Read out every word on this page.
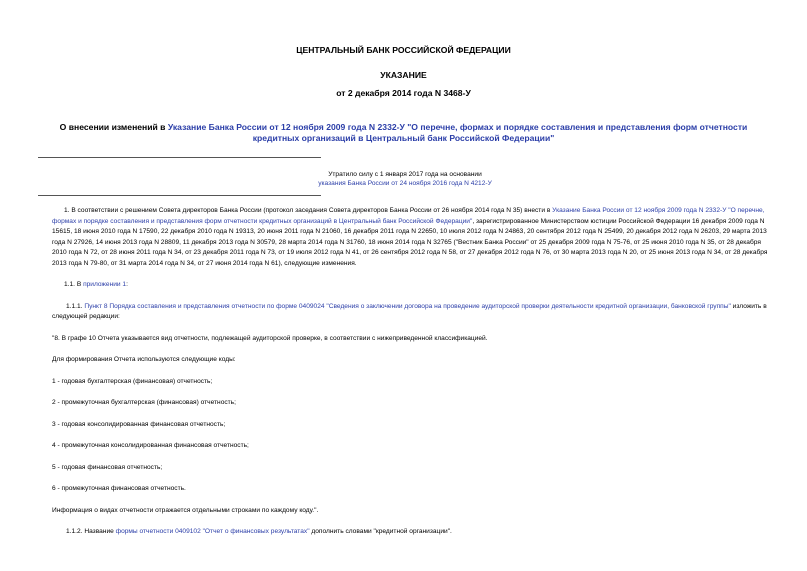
ЦЕНТРАЛЬНЫЙ БАНК РОССИЙСКОЙ ФЕДЕРАЦИИ
УКАЗАНИЕ
от 2 декабря 2014 года N 3468-У
О внесении изменений в Указание Банка России от 12 ноября 2009 года N 2332-У "О перечне, формах и порядке составления и представления форм отчетности кредитных организаций в Центральный банк Российской Федерации"
Утратило силу с 1 января 2017 года на основании
указания Банка России от 24 ноября 2016 года N 4212-У

1. В соответствии с решением Совета директоров Банка России (протокол заседания Совета директоров Банка России от 26 ноября 2014 года N 35) внести в Указание Банка России от 12 ноября 2009 года N 2332-У "О перечне, формах и порядке составления и представления форм отчетности кредитных организаций в Центральный банк Российской Федерации", зарегистрированное Министерством юстиции Российской Федерации 16 декабря 2009 года N 15615, 18 июня 2010 года N 17590, 22 декабря 2010 года N 19313, 20 июня 2011 года N 21060, 16 декабря 2011 года N 22650, 10 июля 2012 года N 24863, 20 сентября 2012 года N 25499, 20 декабря 2012 года N 26203, 29 марта 2013 года N 27926, 14 июня 2013 года N 28809, 11 декабря 2013 года N 30579, 28 марта 2014 года N 31760, 18 июня 2014 года N 32765 ("Вестник Банка России" от 25 декабря 2009 года N 75-76, от 25 июня 2010 года N 35, от 28 декабря 2010 года N 72, от 28 июня 2011 года N 34, от 23 декабря 2011 года N 73, от 19 июля 2012 года N 41, от 26 сентября 2012 года N 58, от 27 декабря 2012 года N 76, от 30 марта 2013 года N 20, от 25 июня 2013 года N 34, от 28 декабря 2013 года N 79-80, от 31 марта 2014 года N 34, от 27 июня 2014 года N 61), следующие изменения.

1.1. В приложении 1:

1.1.1. Пункт 8 Порядка составления и представления отчетности по форме 0409024 "Сведения о заключении договора на проведение аудиторской проверки деятельности кредитной организации, банковской группы" изложить в следующей редакции:

"8. В графе 10 Отчета указывается вид отчетности, подлежащей аудиторской проверке, в соответствии с нижеприведенной классификацией.

Для формирования Отчета используются следующие коды:

1 - годовая бухгалтерская (финансовая) отчетность;

2 - промежуточная бухгалтерская (финансовая) отчетность;

3 - годовая консолидированная финансовая отчетность;

4 - промежуточная консолидированная финансовая отчетность;

5 - годовая финансовая отчетность;

6 - промежуточная финансовая отчетность.

Информация о видах отчетности отражается отдельными строками по каждому коду.".

1.1.2. Название формы отчетности 0409102 "Отчет о финансовых результатах" дополнить словами "кредитной организации".
